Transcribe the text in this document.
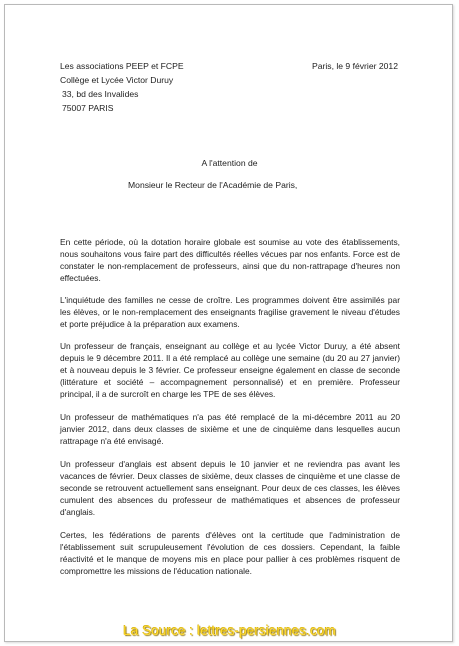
Les associations PEEP et FCPE
Collège et Lycée Victor Duruy
33, bd des Invalides
75007 PARIS
Paris, le 9 février 2012
A l'attention de
Monsieur le Recteur de l'Académie de Paris,

En cette période, où la dotation horaire globale est soumise au vote des établissements, nous souhaitons vous faire part des difficultés réelles vécues par nos enfants. Force est de constater le non-remplacement de professeurs, ainsi que du non-rattrapage d'heures non effectuées.

L'inquiétude des familles ne cesse de croître. Les programmes doivent être assimilés par les élèves, or le non-remplacement des enseignants fragilise gravement le niveau d'études et porte préjudice à la préparation aux examens.

Un professeur de français, enseignant au collège et au lycée Victor Duruy, a été absent depuis le 9 décembre 2011. Il a été remplacé au collège une semaine (du 20 au 27 janvier) et à nouveau depuis le 3 février. Ce professeur enseigne également en classe de seconde (littérature et société – accompagnement personnalisé) et en première. Professeur principal, il a de surcroît en charge les TPE de ses élèves.

Un professeur de mathématiques n'a pas été remplacé de la mi-décembre 2011 au 20 janvier 2012, dans deux classes de sixième et une de cinquième dans lesquelles aucun rattrapage n'a été envisagé.

Un professeur d'anglais est absent depuis le 10 janvier et ne reviendra pas avant les vacances de février. Deux classes de sixième, deux classes de cinquième et une classe de seconde se retrouvent actuellement sans enseignant. Pour deux de ces classes, les élèves cumulent des absences du professeur de mathématiques et absences de professeur d'anglais.

Certes, les fédérations de parents d'élèves ont la certitude que l'administration de l'établissement suit scrupuleusement l'évolution de ces dossiers. Cependant, la faible réactivité et le manque de moyens mis en place pour pallier à ces problèmes risquent de compromettre les missions de l'éducation nationale.

La Source : lettres-persiennes.com
